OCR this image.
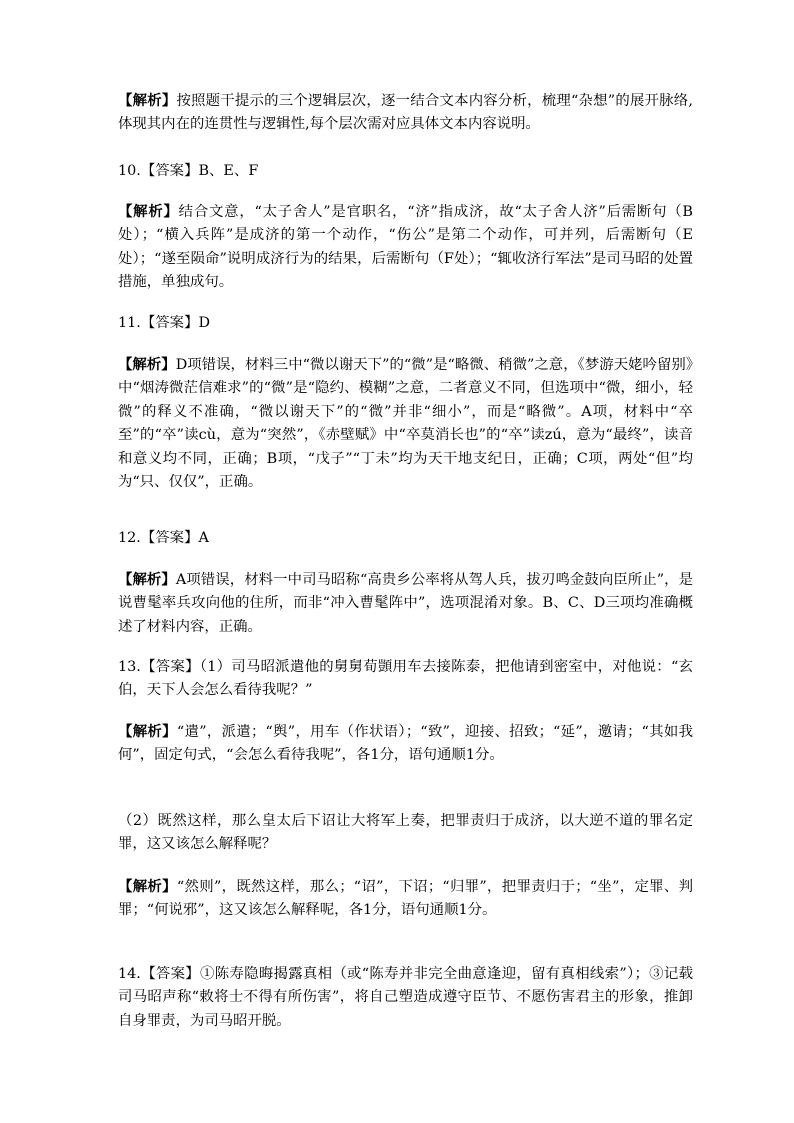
【解析】按照题干提示的三个逻辑层次，逐一结合文本内容分析，梳理“杂想”的展开脉络,体现其内在的连贯性与逻辑性,每个层次需对应具体文本内容说明。

10.【答案】B、E、F

【解析】结合文意，“太子舍人”是官职名，“济”指成济，故“太子舍人济”后需断句（B 处）；“横入兵阵”是成济的第一个动作，“伤公”是第二个动作，可并列，后需断句（E处）；“遂至陨命”说明成济行为的结果，后需断句（F处）；“辄收济行军法”是司马昭的处置措施，单独成句。

11.【答案】D

【解析】D项错误，材料三中“微以谢天下”的“微”是“略微、稍微”之意，《梦游天姥吟留别》中“烟涛微茫信难求”的“微”是“隐约、模糊”之意，二者意义不同，但选项中“微，细小，轻微”的释义不准确，“微以谢天下”的“微”并非“细小”，而是“略微”。A项，材料中“卒至”的“卒”读cù，意为“突然”，《赤壁赋》中“卒莫消长也”的“卒”读zú，意为“最终”，读音和意义均不同，正确；B项，“戊子”“丁未”均为天干地支纪日，正确；C项，两处“但”均为“只、仅仅”，正确。

12.【答案】A

【解析】A项错误，材料一中司马昭称“高贵乡公率将从驾人兵，拔刃鸣金鼓向臣所止”，是说曹髦率兵攻向他的住所，而非“冲入曹髦阵中”，选项混淆对象。B、C、D三项均准确概述了材料内容，正确。

13.【答案】（1）司马昭派遣他的舅舅荀顗用车去接陈泰，把他请到密室中，对他说：“玄伯，天下人会怎么看待我呢？”

【解析】“遣”，派遣；“舆”，用车（作状语）；“致”，迎接、招致；“延”，邀请；“其如我何”，固定句式，“会怎么看待我呢”，各1分，语句通顺1分。

（2）既然这样，那么皇太后下诏让大将军上奏，把罪责归于成济，以大逆不道的罪名定罪，这又该怎么解释呢？

【解析】“然则”，既然这样，那么；“诏”，下诏；“归罪”，把罪责归于；“坐”，定罪、判罪；“何说邪”，这又该怎么解释呢，各1分，语句通顺1分。

14.【答案】①陈寿隐晦揭露真相（或“陈寿并非完全曲意逢迎，留有真相线索”）；③记载司马昭声称“敕将士不得有所伤害”，将自己塑造成遵守臣节、不愿伤害君主的形象，推卸自身罪责，为司马昭开脱。
